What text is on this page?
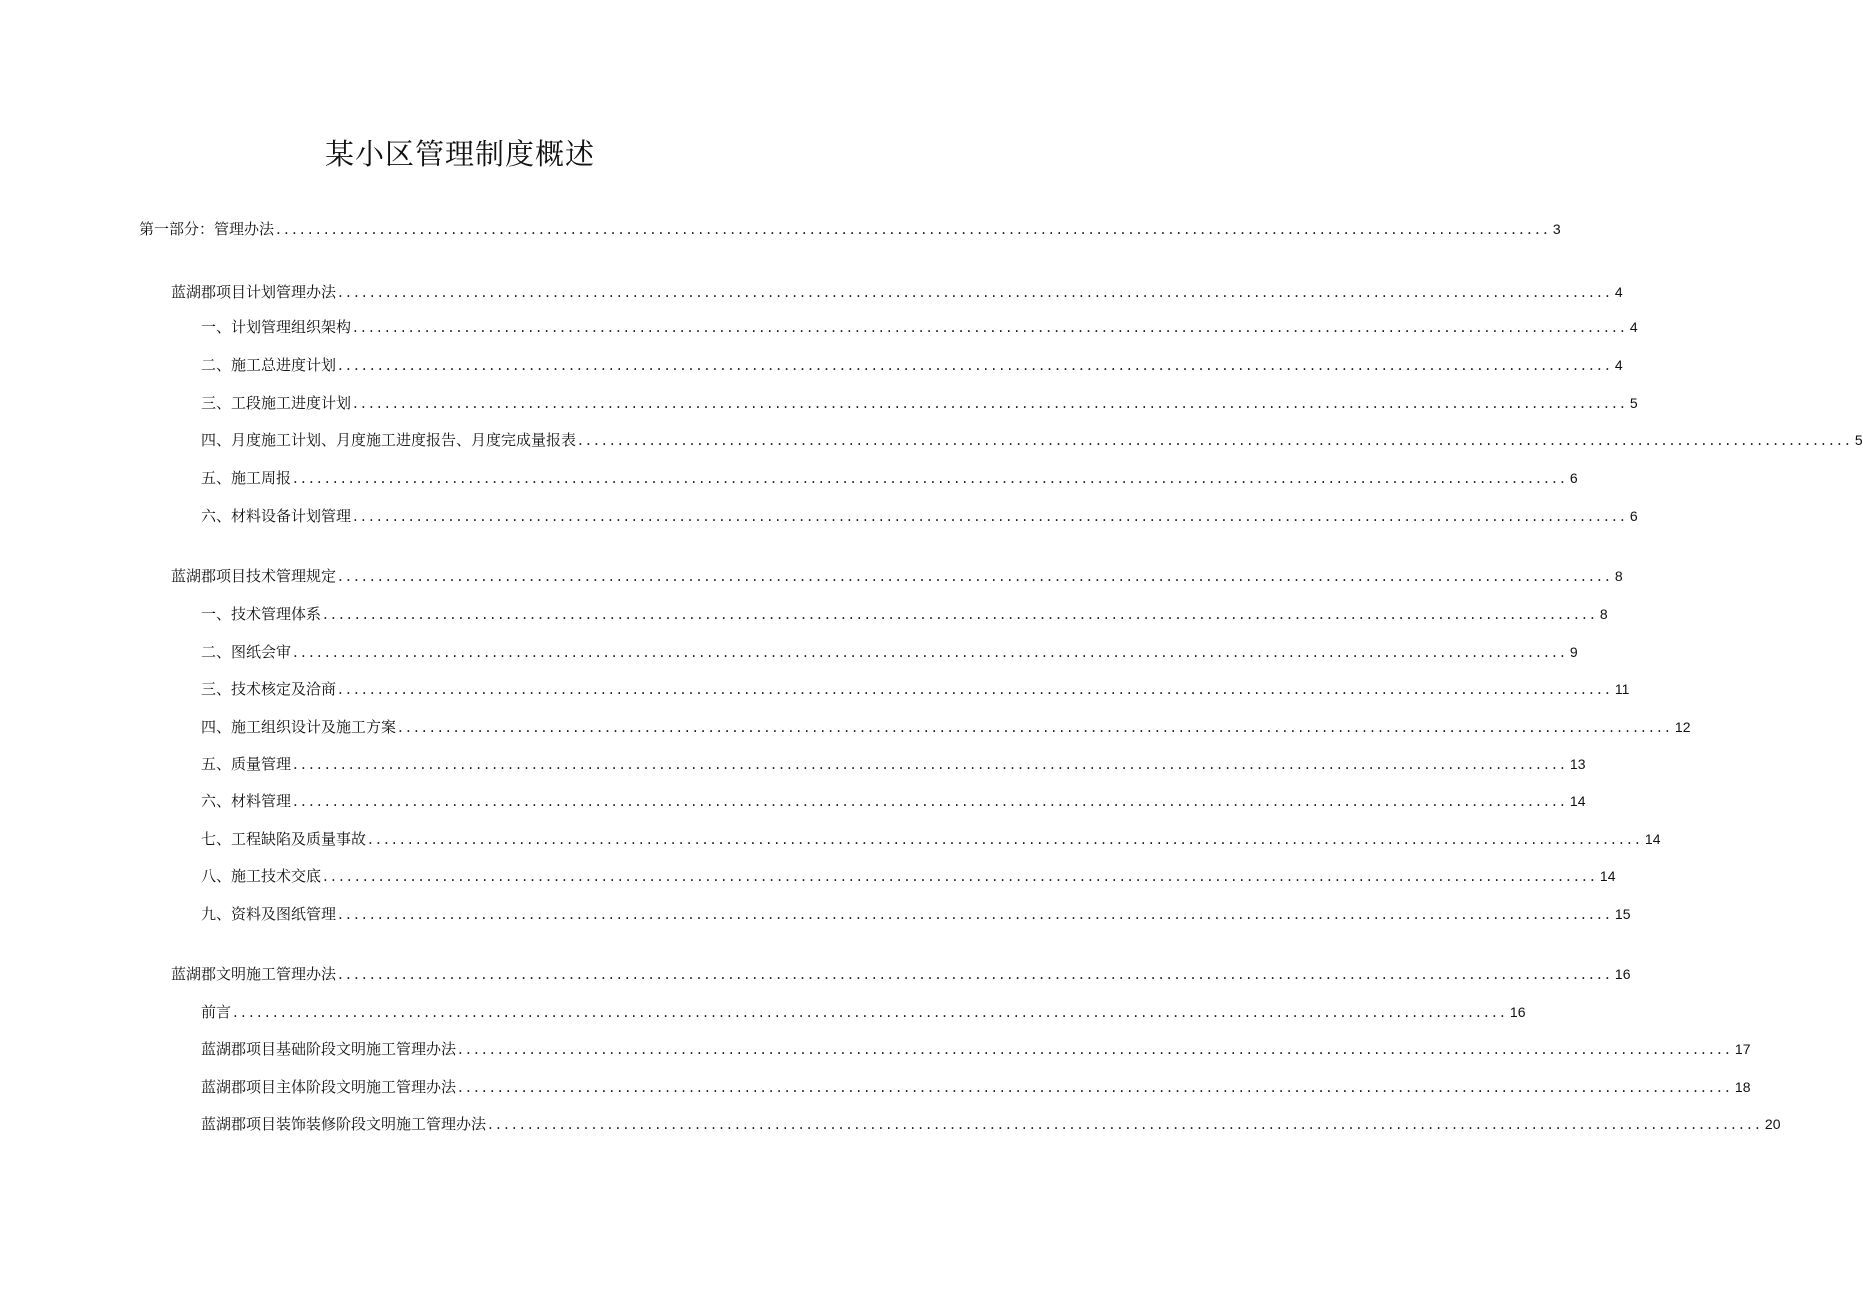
某小区管理制度概述
第一部分：管理办法 ................................................................................................................................................................ 3
蓝湖郡项目计划管理办法 ................................................................................................................................................................ 4
一、计划管理组织架构 ................................................................................................................................................................ 4
二、施工总进度计划 ................................................................................................................................................................ 4
三、工段施工进度计划 ................................................................................................................................................................ 5
四、月度施工计划、月度施工进度报告、月度完成量报表 ................................................................................................................................................................ 5
五、施工周报 ................................................................................................................................................................ 6
六、材料设备计划管理 ................................................................................................................................................................ 6
蓝湖郡项目技术管理规定 ................................................................................................................................................................ 8
一、技术管理体系 ................................................................................................................................................................ 8
二、图纸会审 ................................................................................................................................................................ 9
三、技术核定及洽商 ................................................................................................................................................................ 11
四、施工组织设计及施工方案 ................................................................................................................................................................ 12
五、质量管理 ................................................................................................................................................................ 13
六、材料管理 ................................................................................................................................................................ 14
七、工程缺陷及质量事故 ................................................................................................................................................................ 14
八、施工技术交底 ................................................................................................................................................................ 14
九、资料及图纸管理 ................................................................................................................................................................ 15
蓝湖郡文明施工管理办法 ................................................................................................................................................................ 16
前言 ................................................................................................................................................................ 16
蓝湖郡项目基础阶段文明施工管理办法 ................................................................................................................................................................ 17
蓝湖郡项目主体阶段文明施工管理办法 ................................................................................................................................................................ 18
蓝湖郡项目装饰装修阶段文明施工管理办法 ................................................................................................................................................................ 20
